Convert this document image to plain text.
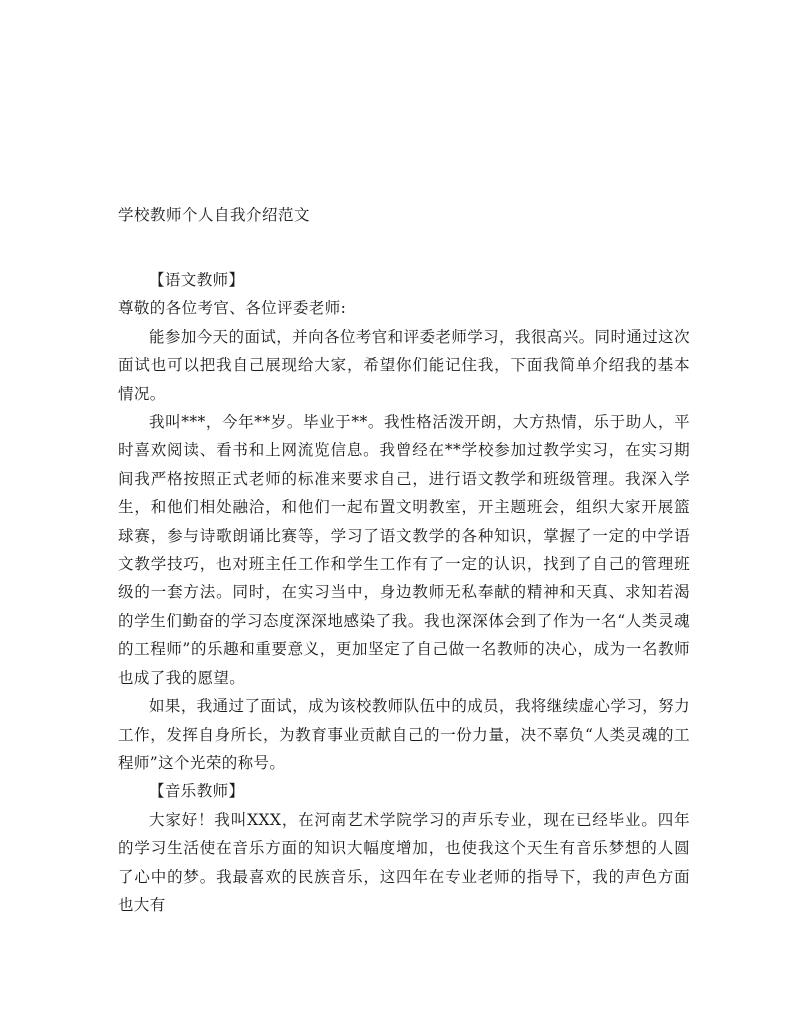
学校教师个人自我介绍范文

【语文教师】

尊敬的各位考官、各位评委老师:

能参加今天的面试，并向各位考官和评委老师学习，我很高兴。同时通过这次面试也可以把我自己展现给大家，希望你们能记住我，下面我简单介绍我的基本情况。

我叫***，今年**岁。毕业于**。我性格活泼开朗，大方热情，乐于助人，平时喜欢阅读、看书和上网流览信息。我曾经在**学校参加过教学实习，在实习期间我严格按照正式老师的标准来要求自己，进行语文教学和班级管理。我深入学生，和他们相处融洽，和他们一起布置文明教室，开主题班会，组织大家开展篮球赛，参与诗歌朗诵比赛等，学习了语文教学的各种知识，掌握了一定的中学语文教学技巧，也对班主任工作和学生工作有了一定的认识，找到了自己的管理班级的一套方法。同时，在实习当中，身边教师无私奉献的精神和天真、求知若渴的学生们勤奋的学习态度深深地感染了我。我也深深体会到了作为一名“人类灵魂的工程师”的乐趣和重要意义，更加坚定了自己做一名教师的决心，成为一名教师也成了我的愿望。

如果，我通过了面试，成为该校教师队伍中的成员，我将继续虚心学习，努力工作，发挥自身所长，为教育事业贡献自己的一份力量，决不辜负“人类灵魂的工程师”这个光荣的称号。

【音乐教师】

大家好！我叫XXX，在河南艺术学院学习的声乐专业，现在已经毕业。四年的学习生活使在音乐方面的知识大幅度增加，也使我这个天生有音乐梦想的人圆了心中的梦。我最喜欢的民族音乐，这四年在专业老师的指导下，我的声色方面也大有
